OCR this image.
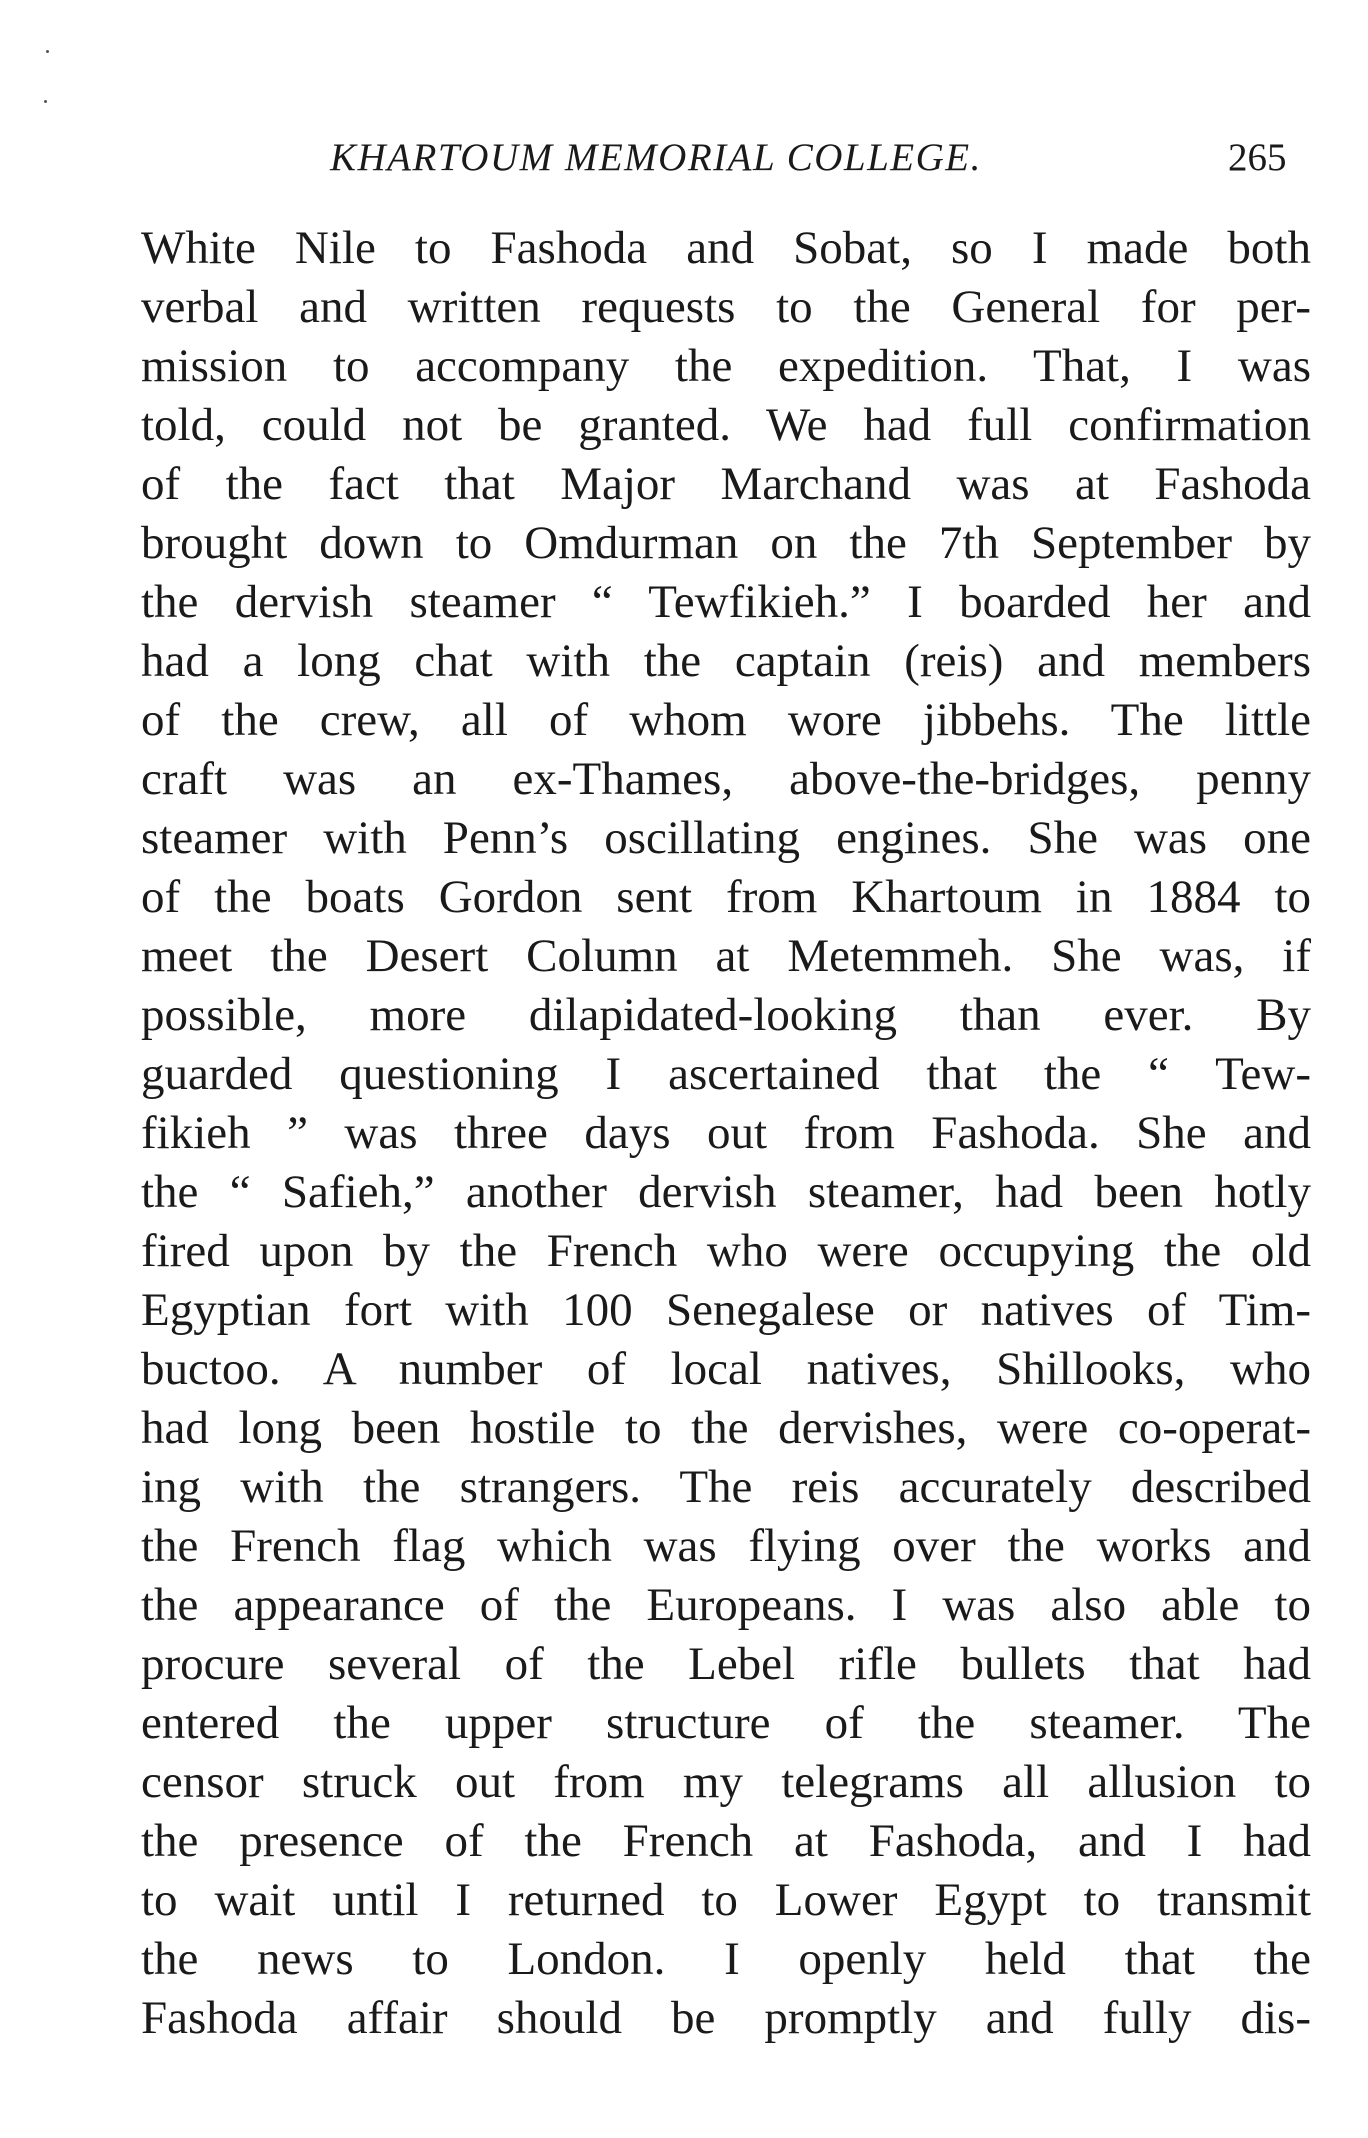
KHARTOUM MEMORIAL COLLEGE.	265
White Nile to Fashoda and Sobat, so I made both
verbal and written requests to the General for per-
mission to accompany the expedition. That, I was
told, could not be granted. We had full confirmation
of the fact that Major Marchand was at Fashoda
brought down to Omdurman on the 7th September by
the dervish steamer “ Tewfikieh.” I boarded her and
had a long chat with the captain (reis) and members
of the crew, all of whom wore jibbehs. The little
craft was an ex-Thames, above-the-bridges, penny
steamer with Penn’s oscillating engines. She was one
of the boats Gordon sent from Khartoum in 1884 to
meet the Desert Column at Metemmeh. She was, if
possible, more dilapidated-looking than ever. By
guarded questioning I ascertained that the “ Tew-
fikieh ” was three days out from Fashoda. She and
the “ Safieh,” another dervish steamer, had been hotly
fired upon by the French who were occupying the old
Egyptian fort with 100 Senegalese or natives of Tim-
buctoo. A number of local natives, Shillooks, who
had long been hostile to the dervishes, were co-operat-
ing with the strangers. The reis accurately described
the French flag which was flying over the works and
the appearance of the Europeans. I was also able to
procure several of the Lebel rifle bullets that had
entered the upper structure of the steamer. The
censor struck out from my telegrams all allusion to
the presence of the French at Fashoda, and I had
to wait until I returned to Lower Egypt to transmit
the news to London. I openly held that the
Fashoda affair should be promptly and fully dis-
